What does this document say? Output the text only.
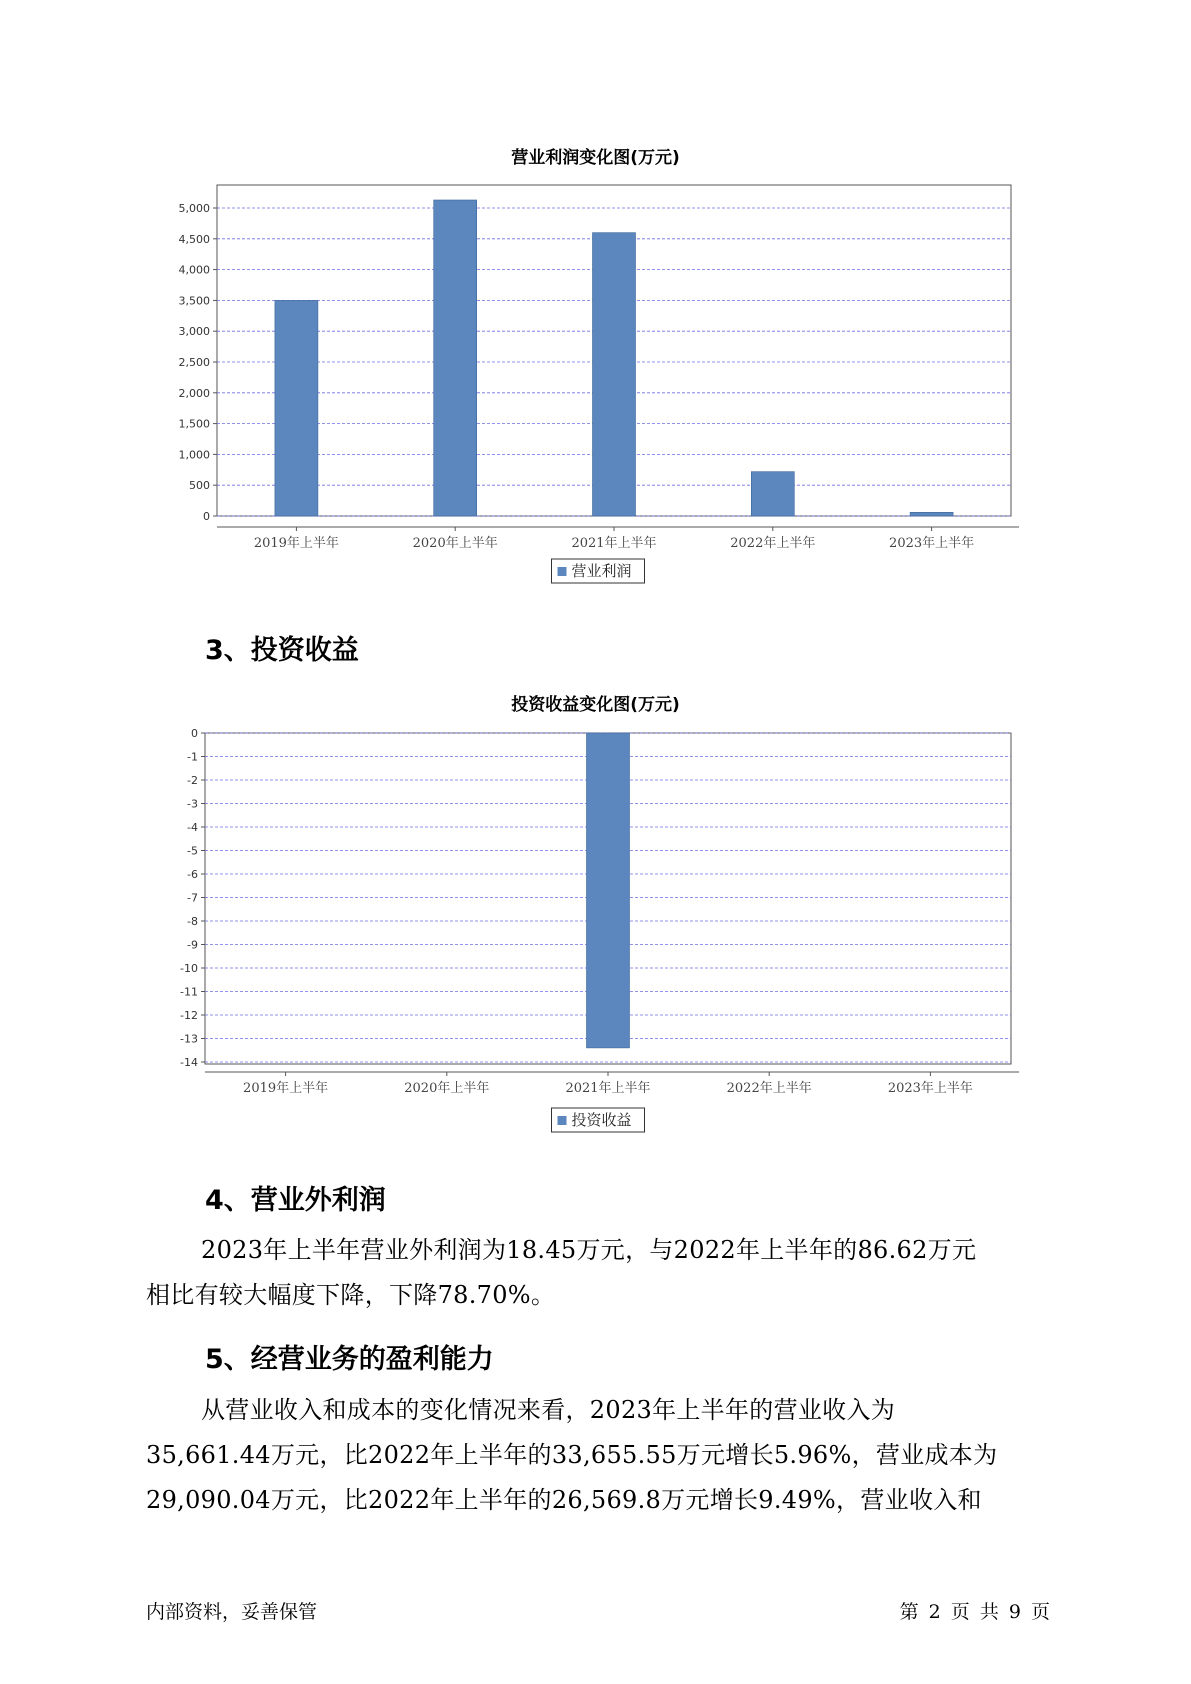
营业利润变化图(万元)
0
500
1,000
1,500
2,000
2,500
3,000
3,500
4,000
4,500
5,000
2019年上半年	2020年上半年	2021年上半年	2022年上半年	2023年上半年
营业利润
3、投资收益
投资收益变化图(万元)
0
-1
-2
-3
-4
-5
-6
-7
-8
-9
-10
-11
-12
-13
-14
2019年上半年	2020年上半年	2021年上半年	2022年上半年	2023年上半年
投资收益
4、营业外利润

2023年上半年营业外利润为18.45万元，与2022年上半年的86.62万元

相比有较大幅度下降，下降78.70%。

5、经营业务的盈利能力

从营业收入和成本的变化情况来看，2023年上半年的营业收入为

35,661.44万元，比2022年上半年的33,655.55万元增长5.96%，营业成本为

29,090.04万元，比2022年上半年的26,569.8万元增长9.49%，营业收入和

内部资料，妥善保管	第 2 页 共 9 页
